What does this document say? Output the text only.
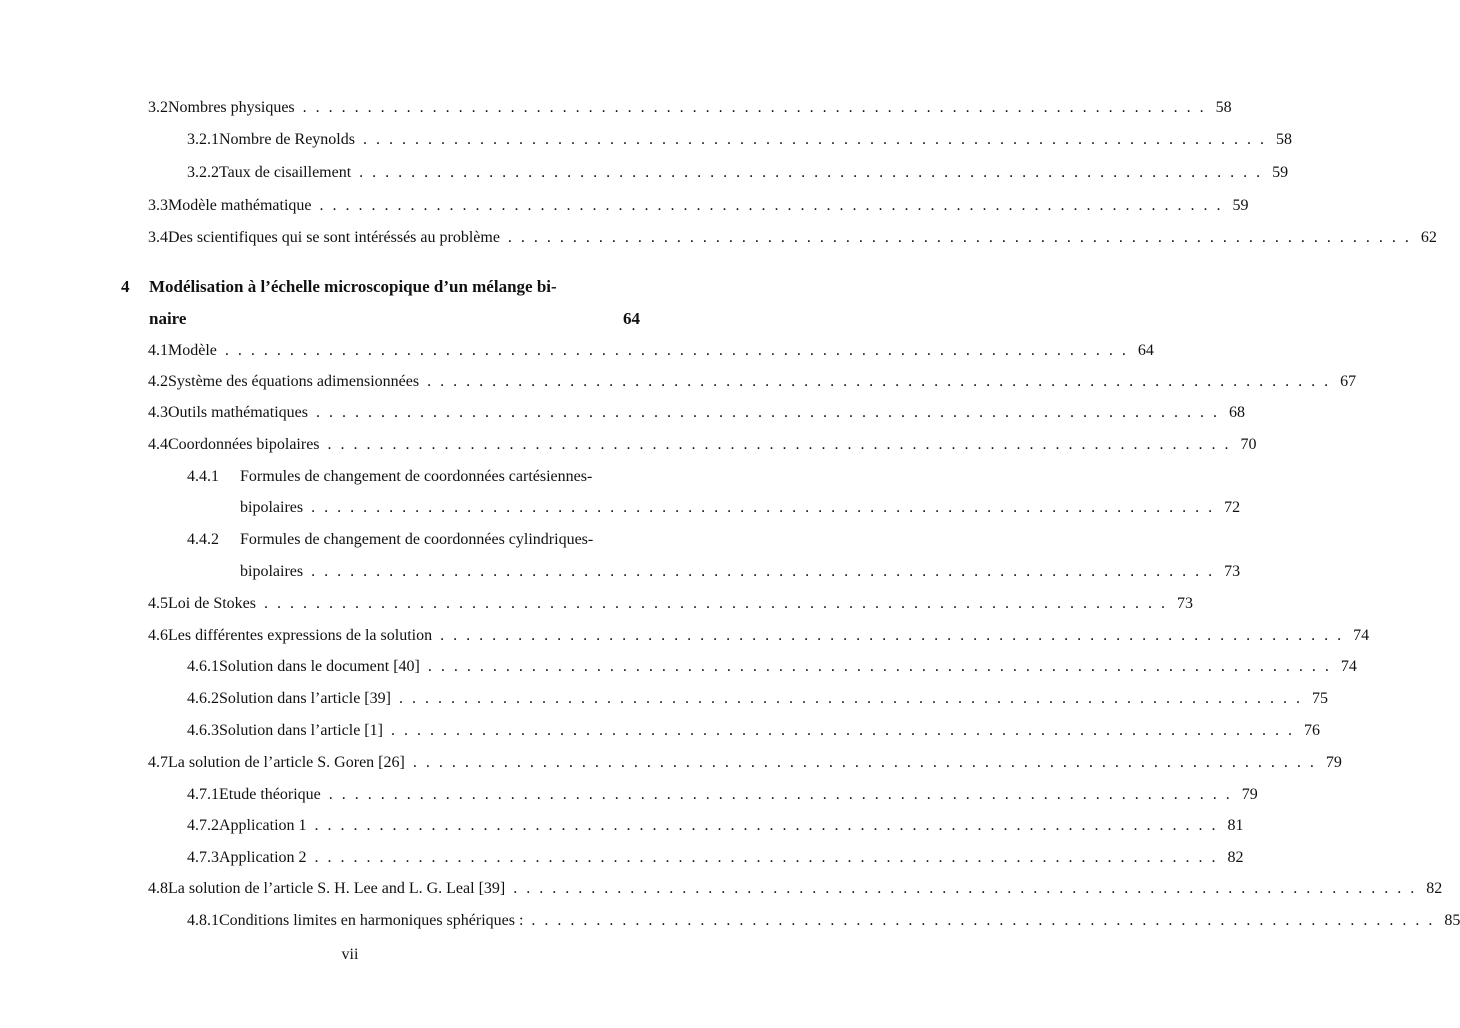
3.2 Nombres physiques . . .	58
3.2.1 Nombre de Reynolds . . .	58
3.2.2 Taux de cisaillement . . .	59
3.3 Modèle mathématique . . .	59
3.4 Des scientifiques qui se sont intéréssés au problème . . .	62
4 Modélisation à l’échelle microscopique d’un mélange bi-
naire	64
4.1 Modèle . . .	64
4.2 Système des équations adimensionnées . . .	67
4.3 Outils mathématiques . . .	68
4.4 Coordonnées bipolaires . . .	70
4.4.1	Formules de changement de coordonnées cartésiennes-
bipolaires . . .	72
4.4.2	Formules de changement de coordonnées cylindriques-
bipolaires . . .	73
4.5 Loi de Stokes . . .	73
4.6 Les différentes expressions de la solution . . .	74
4.6.1 Solution dans le document [40] . . .	74
4.6.2 Solution dans l’article [39] . . .	75
4.6.3 Solution dans l’article [1] . . .	76
4.7 La solution de l’article S. Goren [26] . . .	79
4.7.1 Etude théorique . . .	79
4.7.2 Application 1 . . .	81
4.7.3 Application 2 . . .	82
4.8 La solution de l’article S. H. Lee and L. G. Leal [39] . . .	82
4.8.1 Conditions limites en harmoniques sphériques : . . .	85
vii
